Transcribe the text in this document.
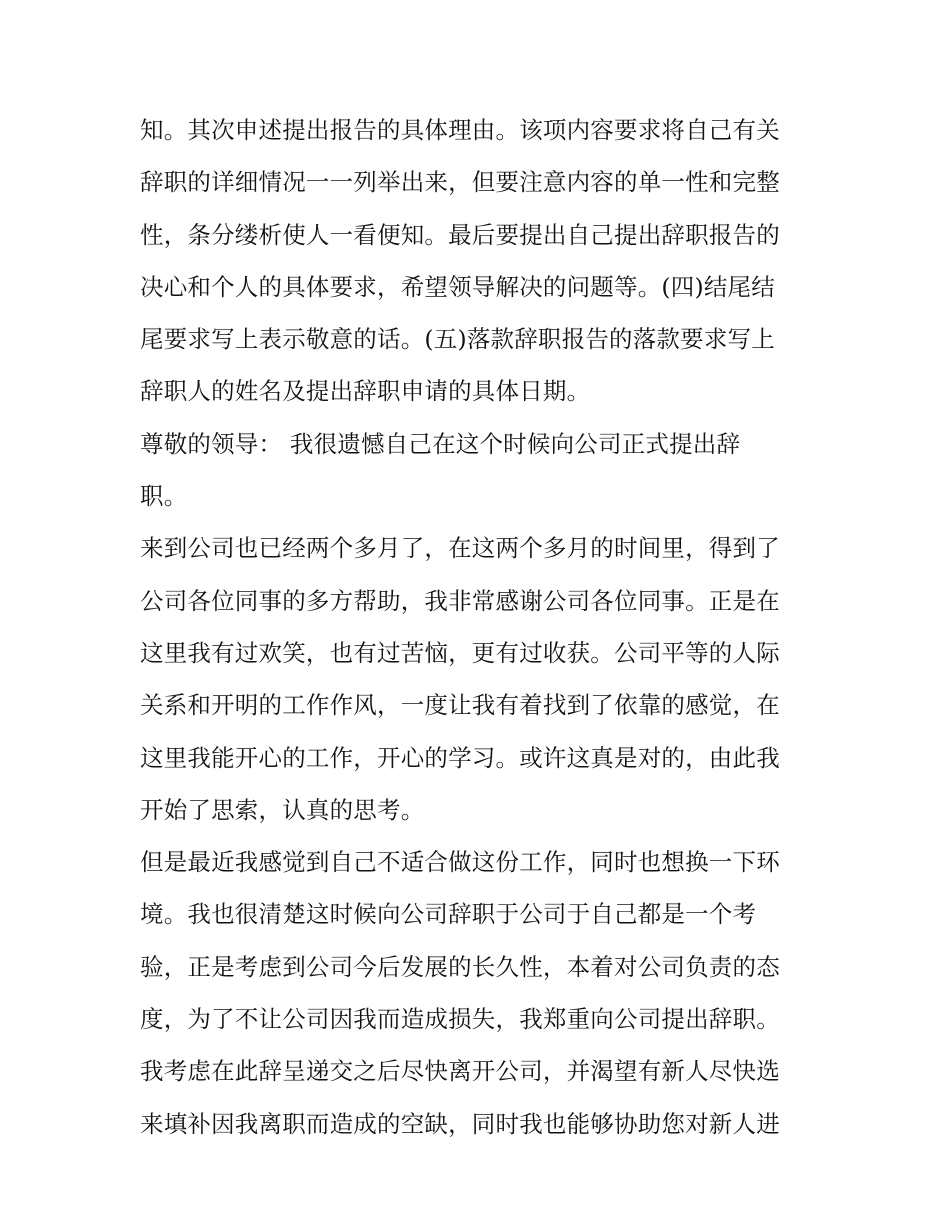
知。其次申述提出报告的具体理由。该项内容要求将自己有关
辞职的详细情况一一列举出来，但要注意内容的单一性和完整
性，条分缕析使人一看便知。最后要提出自己提出辞职报告的
决心和个人的具体要求，希望领导解决的问题等。(四)结尾结
尾要求写上表示敬意的话。(五)落款辞职报告的落款要求写上
辞职人的姓名及提出辞职申请的具体日期。
尊敬的领导： 我很遗憾自己在这个时候向公司正式提出辞
职。
来到公司也已经两个多月了，在这两个多月的时间里，得到了
公司各位同事的多方帮助，我非常感谢公司各位同事。正是在
这里我有过欢笑，也有过苦恼，更有过收获。公司平等的人际
关系和开明的工作作风，一度让我有着找到了依靠的感觉，在
这里我能开心的工作，开心的学习。或许这真是对的，由此我
开始了思索，认真的思考。
但是最近我感觉到自己不适合做这份工作，同时也想换一下环
境。我也很清楚这时候向公司辞职于公司于自己都是一个考
验，正是考虑到公司今后发展的长久性，本着对公司负责的态
度，为了不让公司因我而造成损失，我郑重向公司提出辞职。
我考虑在此辞呈递交之后尽快离开公司，并渴望有新人尽快选
来填补因我离职而造成的空缺，同时我也能够协助您对新人进
